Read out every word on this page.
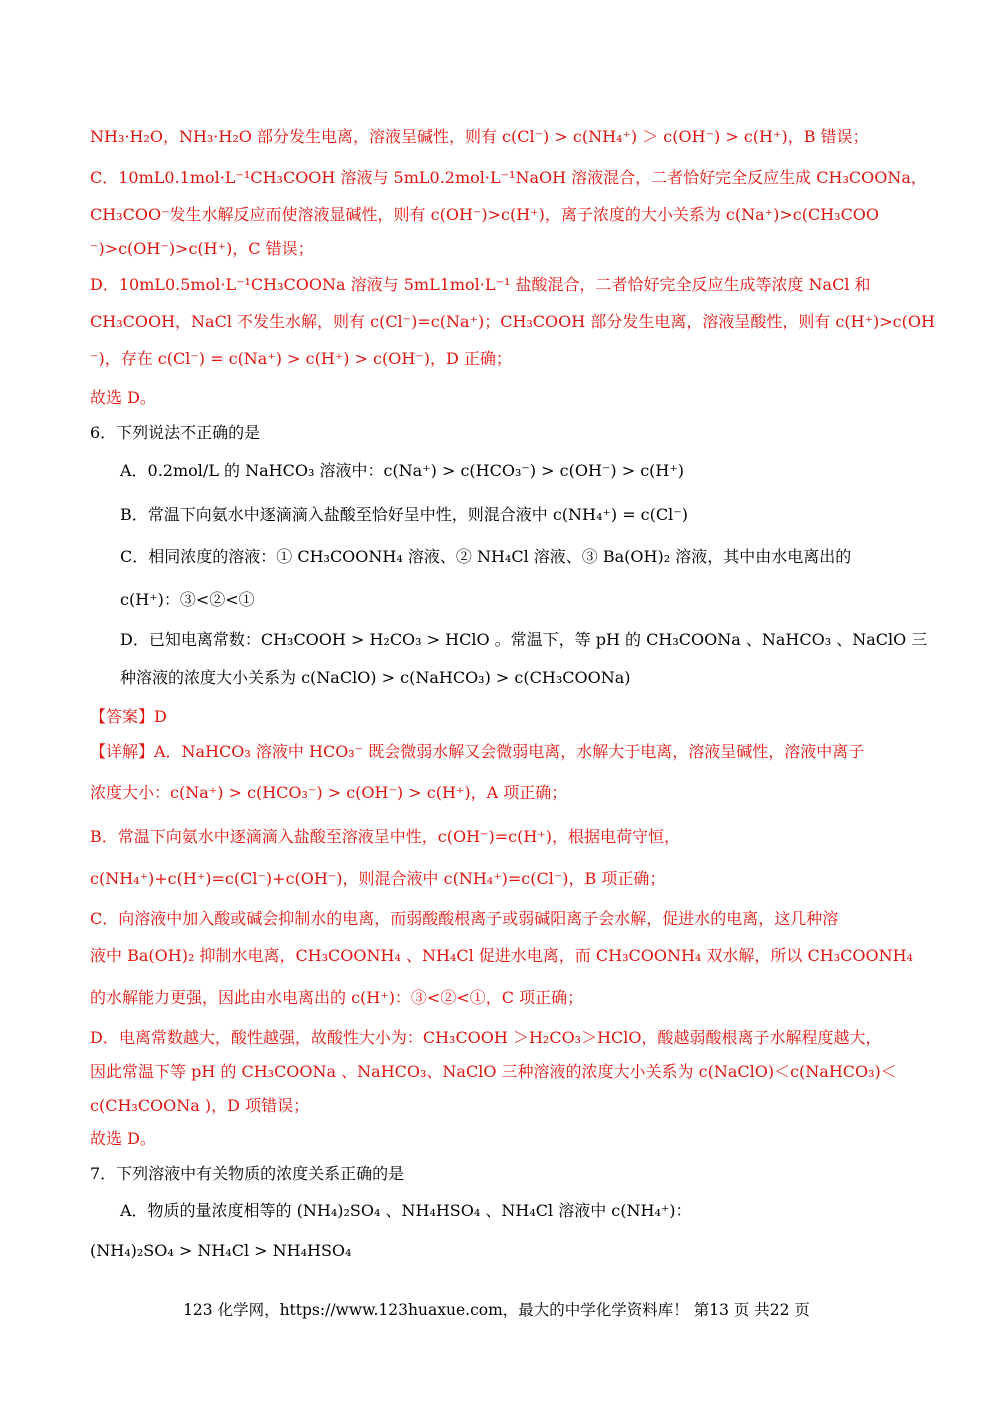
NH₃·H₂O，NH₃·H₂O 部分发生电离，溶液呈碱性，则有 c(Cl⁻) > c(NH₄⁺) ＞ c(OH⁻) > c(H⁺)，B 错误；
C．10mL0.1mol·L⁻¹CH₃COOH 溶液与 5mL0.2mol·L⁻¹NaOH 溶液混合，二者恰好完全反应生成 CH₃COONa，
CH₃COO⁻发生水解反应而使溶液显碱性，则有 c(OH⁻)>c(H⁺)，离子浓度的大小关系为 c(Na⁺)>c(CH₃COO
⁻)>c(OH⁻)>c(H⁺)，C 错误；
D．10mL0.5mol·L⁻¹CH₃COONa 溶液与 5mL1mol·L⁻¹ 盐酸混合，二者恰好完全反应生成等浓度 NaCl 和
CH₃COOH，NaCl 不发生水解，则有 c(Cl⁻)=c(Na⁺)；CH₃COOH 部分发生电离，溶液呈酸性，则有 c(H⁺)>c(OH
⁻)，存在 c(Cl⁻) = c(Na⁺) > c(H⁺) > c(OH⁻)，D 正确；
故选 D。
6．下列说法不正确的是
A．0.2mol/L 的 NaHCO₃ 溶液中：c(Na⁺) > c(HCO₃⁻) > c(OH⁻) > c(H⁺)
B．常温下向氨水中逐滴滴入盐酸至恰好呈中性，则混合液中 c(NH₄⁺) = c(Cl⁻)
C．相同浓度的溶液：① CH₃COONH₄ 溶液、② NH₄Cl 溶液、③ Ba(OH)₂ 溶液，其中由水电离出的
c(H⁺)：③<②<①
D．已知电离常数：CH₃COOH > H₂CO₃ > HClO 。常温下，等 pH 的 CH₃COONa 、NaHCO₃ 、NaClO 三
种溶液的浓度大小关系为 c(NaClO) > c(NaHCO₃) > c(CH₃COONa)
【答案】D
【详解】A．NaHCO₃ 溶液中 HCO₃⁻ 既会微弱水解又会微弱电离，水解大于电离，溶液呈碱性，溶液中离子
浓度大小：c(Na⁺) > c(HCO₃⁻) > c(OH⁻) > c(H⁺)，A 项正确；
B．常温下向氨水中逐滴滴入盐酸至溶液呈中性，c(OH⁻)=c(H⁺)，根据电荷守恒，
c(NH₄⁺)+c(H⁺)=c(Cl⁻)+c(OH⁻)，则混合液中 c(NH₄⁺)=c(Cl⁻)，B 项正确；
C．向溶液中加入酸或碱会抑制水的电离，而弱酸酸根离子或弱碱阳离子会水解，促进水的电离，这几种溶
液中 Ba(OH)₂ 抑制水电离，CH₃COONH₄ 、NH₄Cl 促进水电离，而 CH₃COONH₄ 双水解，所以 CH₃COONH₄
的水解能力更强，因此由水电离出的 c(H⁺)：③<②<①，C 项正确；
D．电离常数越大，酸性越强，故酸性大小为：CH₃COOH ＞H₂CO₃＞HClO，酸越弱酸根离子水解程度越大，
因此常温下等 pH 的 CH₃COONa 、NaHCO₃、NaClO 三种溶液的浓度大小关系为 c(NaClO)＜c(NaHCO₃)＜
c(CH₃COONa )，D 项错误；
故选 D。
7．下列溶液中有关物质的浓度关系正确的是
A．物质的量浓度相等的 (NH₄)₂SO₄ 、NH₄HSO₄ 、NH₄Cl 溶液中 c(NH₄⁺)：
(NH₄)₂SO₄ > NH₄Cl > NH₄HSO₄
123 化学网，https://www.123huaxue.com，最大的中学化学资料库！ 第13 页 共22 页
